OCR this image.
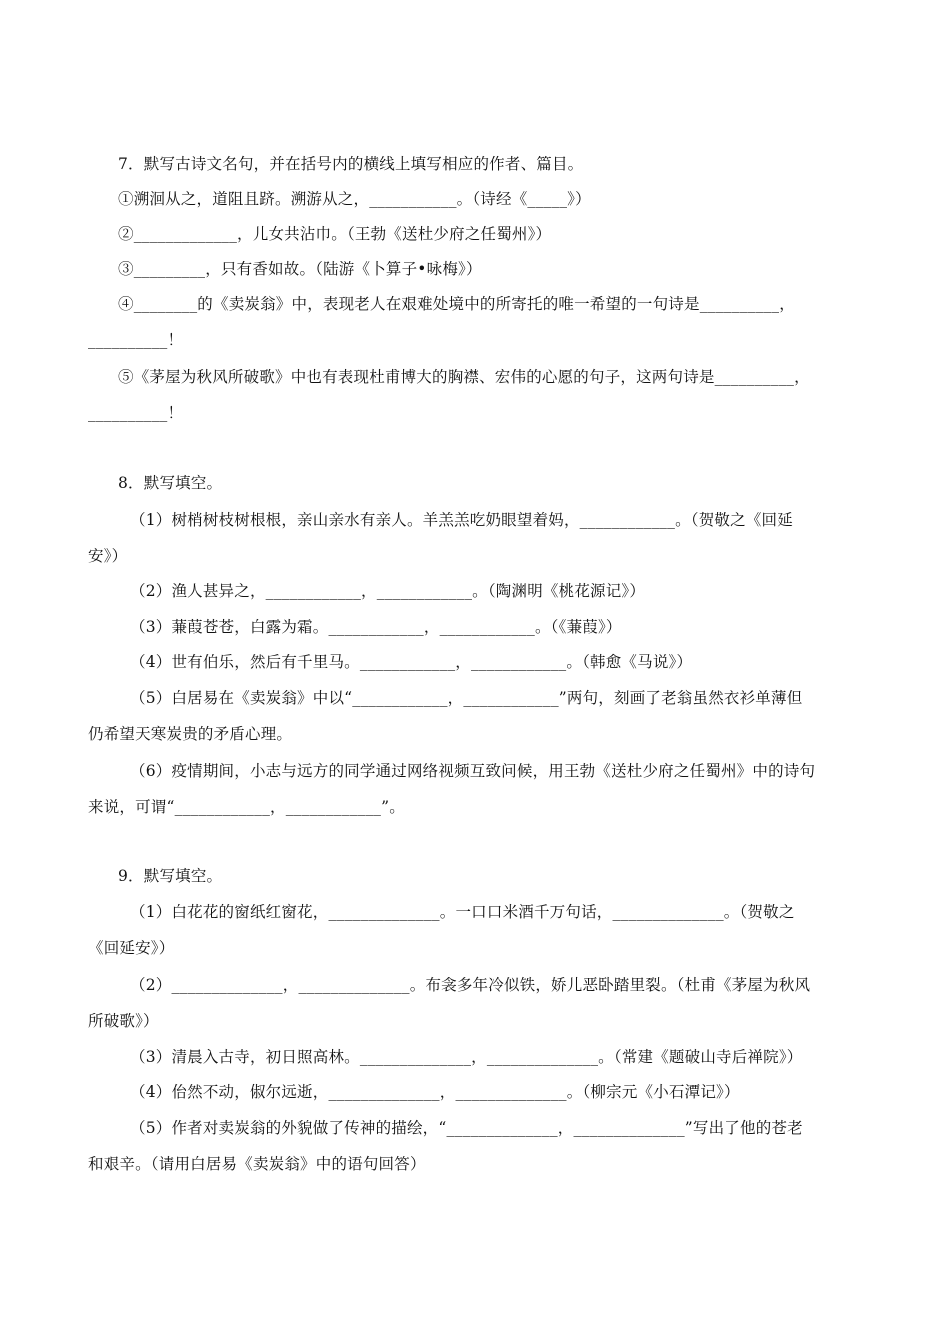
7．默写古诗文名句，并在括号内的横线上填写相应的作者、篇目。
①溯洄从之，道阻且跻。溯游从之，___________。（诗经《_____》）
②_____________，儿女共沾巾。（王勃《送杜少府之任蜀州》）
③_________，只有香如故。（陆游《卜算子•咏梅》）
④________的《卖炭翁》中，表现老人在艰难处境中的所寄托的唯一希望的一句诗是__________，
__________！
⑤《茅屋为秋风所破歌》中也有表现杜甫博大的胸襟、宏伟的心愿的句子，这两句诗是__________，
__________！
8．默写填空。
（1）树梢树枝树根根，亲山亲水有亲人。羊羔羔吃奶眼望着妈，____________。（贺敬之《回延
安》）
（2）渔人甚异之，____________，____________。（陶渊明《桃花源记》）
（3）蒹葭苍苍，白露为霜。____________，____________。（《蒹葭》）
（4）世有伯乐，然后有千里马。____________，____________。（韩愈《马说》）
（5）白居易在《卖炭翁》中以“____________，____________”两句，刻画了老翁虽然衣衫单薄但
仍希望天寒炭贵的矛盾心理。
（6）疫情期间，小志与远方的同学通过网络视频互致问候，用王勃《送杜少府之任蜀州》中的诗句
来说，可谓“____________，____________”。
9．默写填空。
（1）白花花的窗纸红窗花，______________。一口口米酒千万句话，______________。（贺敬之
《回延安》）
（2）______________，______________。布衾多年冷似铁，娇儿恶卧踏里裂。（杜甫《茅屋为秋风
所破歌》）
（3）清晨入古寺，初日照高林。______________，______________。（常建《题破山寺后禅院》）
（4）佁然不动，俶尔远逝，______________，______________。（柳宗元《小石潭记》）
（5）作者对卖炭翁的外貌做了传神的描绘，“______________，______________”写出了他的苍老
和艰辛。（请用白居易《卖炭翁》中的语句回答）
